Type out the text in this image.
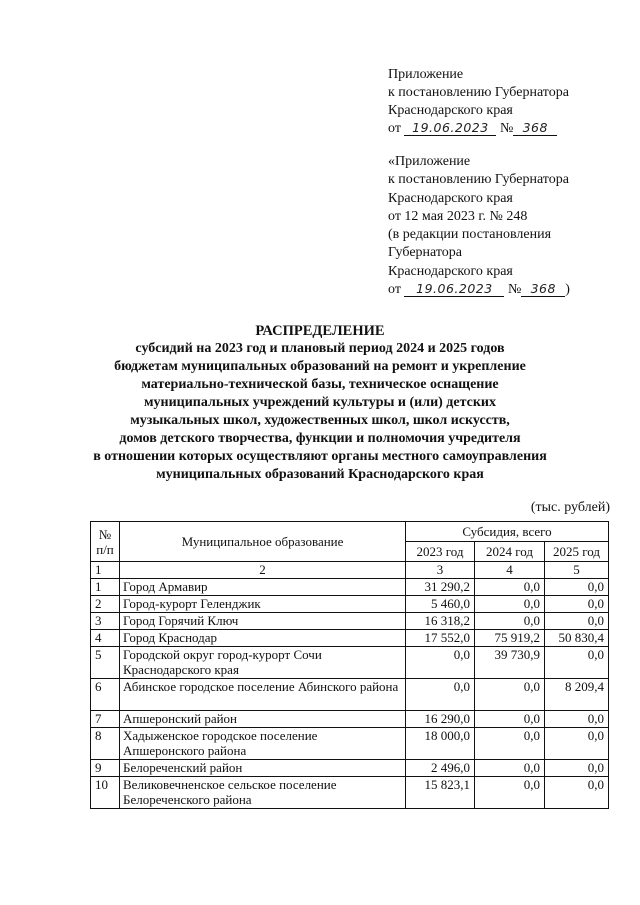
Приложение
к постановлению Губернатора
Краснодарского края
от 19.06.2023 № 368
«Приложение
к постановлению Губернатора
Краснодарского края
от 12 мая 2023 г. № 248
(в редакции постановления
Губернатора
Краснодарского края
от 19.06.2023 № 368 )
РАСПРЕДЕЛЕНИЕ
субсидий на 2023 год и плановый период 2024 и 2025 годов
бюджетам муниципальных образований на ремонт и укрепление
материально-технической базы, техническое оснащение
муниципальных учреждений культуры и (или) детских
музыкальных школ, художественных школ, школ искусств,
домов детского творчества, функции и полномочия учредителя
в отношении которых осуществляют органы местного самоуправления
муниципальных образований Краснодарского края
(тыс. рублей)
№ п/п	Муниципальное образование	Субсидия, всего		
		2023 год	2024 год	2025 год
1	2	3	4	5
1	Город Армавир	31 290,2	0,0	0,0
2	Город-курорт Геленджик	5 460,0	0,0	0,0
3	Город Горячий Ключ	16 318,2	0,0	0,0
4	Город Краснодар	17 552,0	75 919,2	50 830,4
5	Городской округ город-курорт Сочи Краснодарского края	0,0	39 730,9	0,0
6	Абинское городское поселение Абинского района	0,0	0,0	8 209,4
7	Апшеронский район	16 290,0	0,0	0,0
8	Хадыженское городское поселение Апшеронского района	18 000,0	0,0	0,0
9	Белореченский район	2 496,0	0,0	0,0
10	Великовечненское сельское поселение Белореченского района	15 823,1	0,0	0,0
